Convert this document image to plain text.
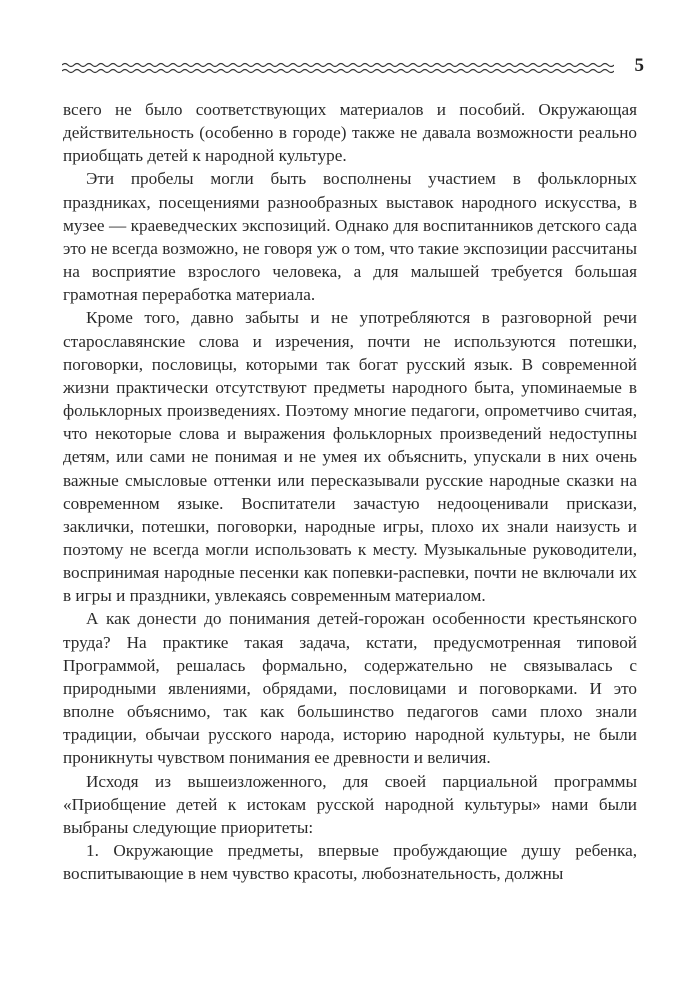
5

всего не было соответствующих материалов и пособий. Окружающая действительность (особенно в городе) также не давала возможности реально приобщать детей к народной культуре.

Эти пробелы могли быть восполнены участием в фольклорных праздниках, посещениями разнообразных выставок народного искусства, в музее — краеведческих экспозиций. Однако для воспитанников детского сада это не всегда возможно, не говоря уж о том, что такие экспозиции рассчитаны на восприятие взрослого человека, а для малышей требуется большая грамотная переработка материала.

Кроме того, давно забыты и не употребляются в разговорной речи старославянские слова и изречения, почти не используются потешки, поговорки, пословицы, которыми так богат русский язык. В современной жизни практически отсутствуют предметы народного быта, упоминаемые в фольклорных произведениях. Поэтому многие педагоги, опрометчиво считая, что некоторые слова и выражения фольклорных произведений недоступны детям, или сами не понимая и не умея их объяснить, упускали в них очень важные смысловые оттенки или пересказывали русские народные сказки на современном языке. Воспитатели зачастую недооценивали прискази, заклички, потешки, поговорки, народные игры, плохо их знали наизусть и поэтому не всегда могли использовать к месту. Музыкальные руководители, воспринимая народные песенки как попевки-распевки, почти не включали их в игры и праздники, увлекаясь современным материалом.

А как донести до понимания детей-горожан особенности крестьянского труда? На практике такая задача, кстати, предусмотренная типовой Программой, решалась формально, содержательно не связывалась с природными явлениями, обрядами, пословицами и поговорками. И это вполне объяснимо, так как большинство педагогов сами плохо знали традиции, обычаи русского народа, историю народной культуры, не были проникнуты чувством понимания ее древности и величия.

Исходя из вышеизложенного, для своей парциальной программы «Приобщение детей к истокам русской народной культуры» нами были выбраны следующие приоритеты:

1. Окружающие предметы, впервые пробуждающие душу ребенка, воспитывающие в нем чувство красоты, любознательность, должны
